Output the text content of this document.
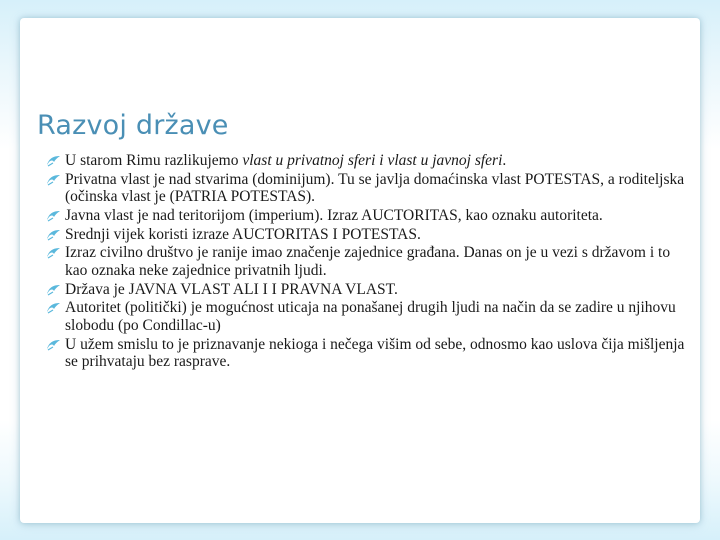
Razvoj države
U starom Rimu razlikujemo vlast u privatnoj sferi i vlast u javnoj sferi.
Privatna vlast je nad stvarima (dominijum). Tu se javlja domaćinska vlast POTESTAS, a roditeljska (očinska vlast je (PATRIA POTESTAS).
Javna vlast je nad teritorijom (imperium). Izraz AUCTORITAS, kao oznaku autoriteta.
Srednji vijek koristi izraze AUCTORITAS I POTESTAS.
Izraz civilno društvo je ranije imao značenje zajednice građana. Danas on je u vezi s državom i to kao oznaka neke zajednice privatnih ljudi.
Država je JAVNA VLAST ALI I I PRAVNA VLAST.
Autoritet (politički) je mogućnost uticaja na ponašanej drugih ljudi na način da se zadire u njihovu slobodu (po Condillac-u)
U užem smislu to je priznavanje nekioga i nečega višim od sebe, odnosmo kao uslova čija mišljenja se prihvataju bez rasprave.
